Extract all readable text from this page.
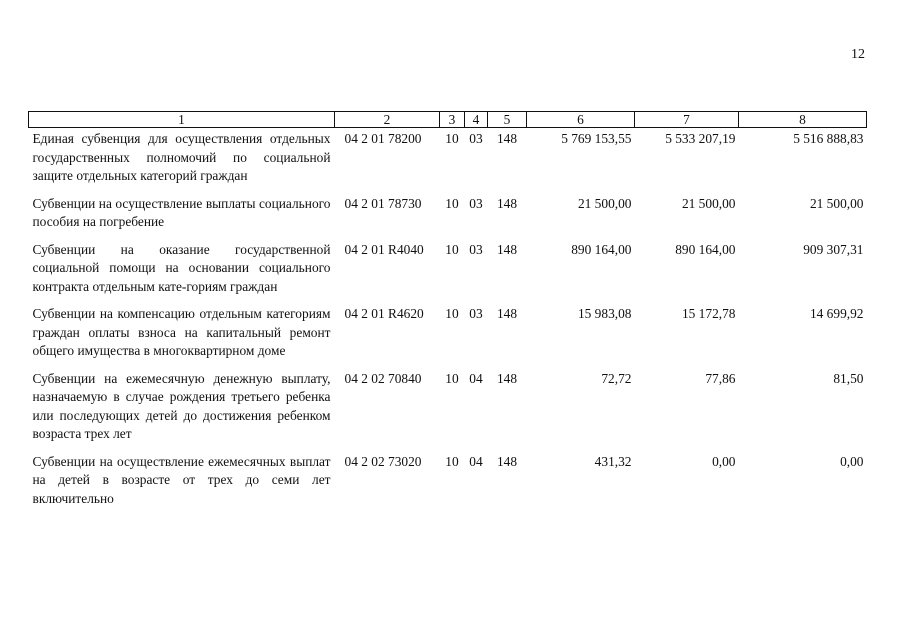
12
1	2	3	4	5	6	7	8
Единая субвенция для осуществления отдельных государственных полномочий по социальной защите отдельных категорий граждан	04 2 01 78200	10	03	148	5 769 153,55	5 533 207,19	5 516 888,83
Субвенции на осуществление выплаты социального пособия на погребение	04 2 01 78730	10	03	148	21 500,00	21 500,00	21 500,00
Субвенции на оказание государственной социальной помощи на основании социального контракта отдельным кате-гориям граждан	04 2 01 R4040	10	03	148	890 164,00	890 164,00	909 307,31
Субвенции на компенсацию отдельным категориям граждан оплаты взноса на капитальный ремонт общего имущества в многоквартирном доме	04 2 01 R4620	10	03	148	15 983,08	15 172,78	14 699,92
Субвенции на ежемесячную денежную выплату, назначаемую в случае рождения третьего ребенка или последующих детей до достижения ребенком возраста трех лет	04 2 02 70840	10	04	148	72,72	77,86	81,50
Субвенции на осуществление ежемесячных выплат на детей в возрасте от трех до семи лет включительно	04 2 02 73020	10	04	148	431,32	0,00	0,00
